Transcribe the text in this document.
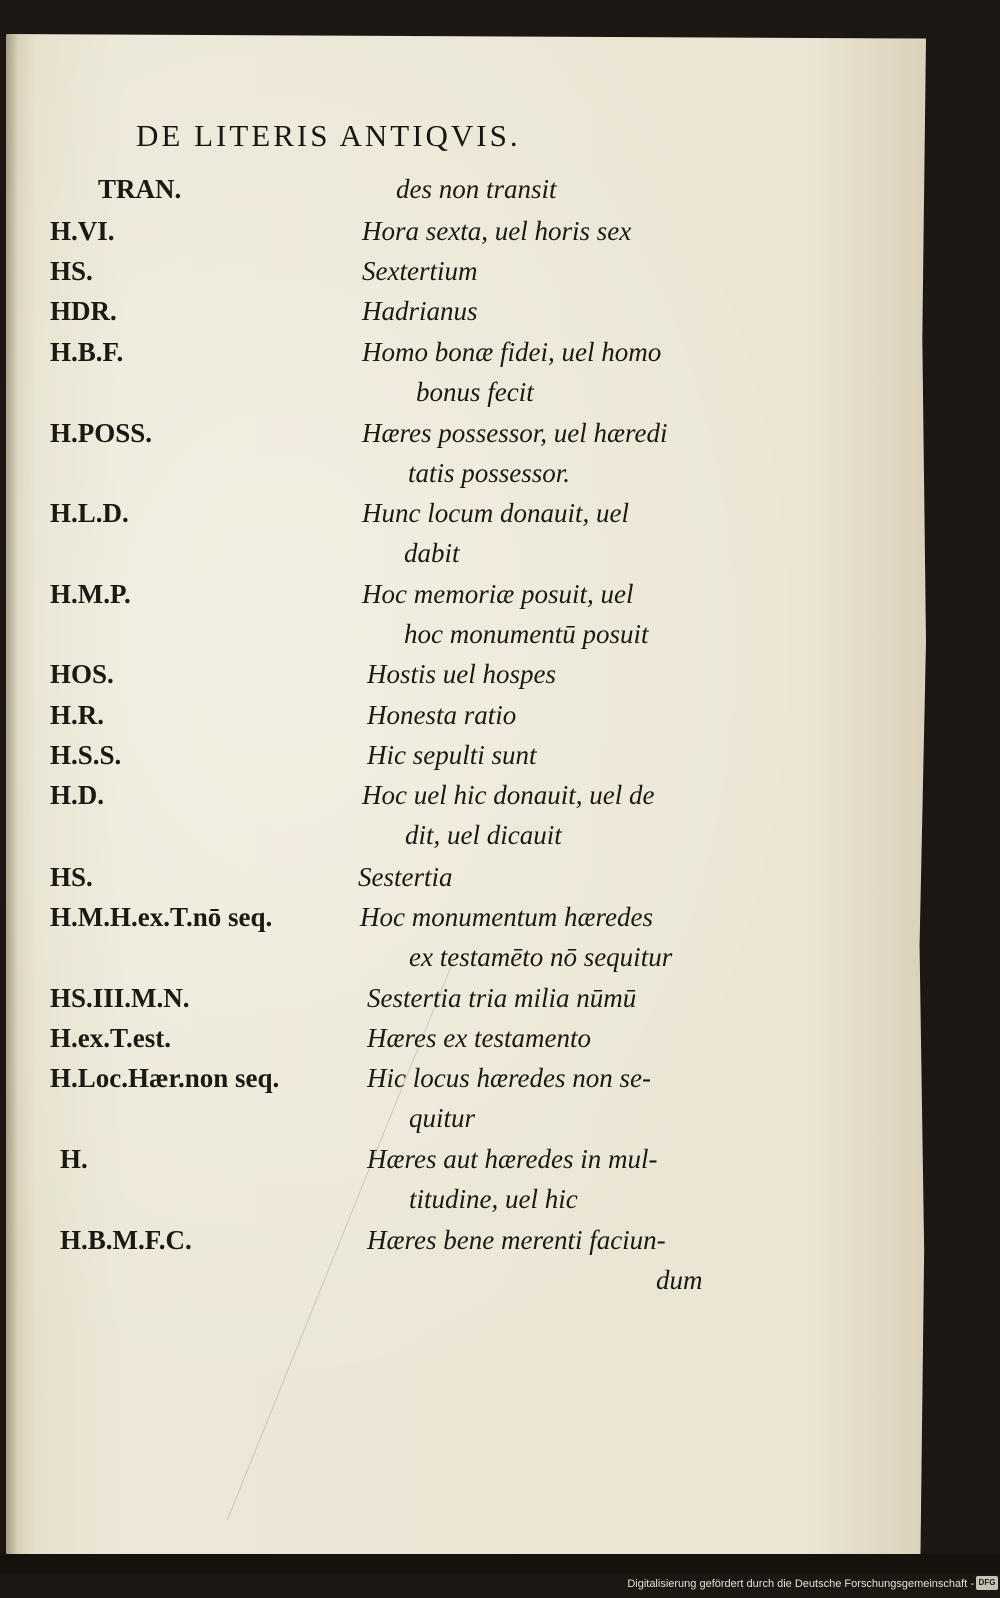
DE LITERIS ANTIQVIS.
TRAN.	des non transit
H.VI.	Hora sexta, uel horis sex
HS.	Sextertium
HDR.	Hadrianus
H.B.F.	Homo bonæ fidei, uel homo
bonus fecit
H.POSS.	Hæres possessor, uel hæredi
tatis possessor.
H.L.D.	Hunc locum donauit, uel
dabit
H.M.P.	Hoc memoriæ posuit, uel
hoc monumentū posuit
HOS.	Hostis uel hospes
H.R.	Honesta ratio
H.S.S.	Hic sepulti sunt
H.D.	Hoc uel hic donauit, uel de
dit, uel dicauit
HS.	Sestertia
H.M.H.ex.T.nō seq.	Hoc monumentum hæredes
ex testamēto nō sequitur
HS.III.M.N.	Sestertia tria milia nūmū
H.ex.T.est.	Hæres ex testamento
H.Loc.Hær.non seq.	Hic locus hæredes non se-
quitur
H.	Hæres aut hæredes in mul-
titudine, uel hic
H.B.M.F.C.	Hæres bene merenti faciun-
dum
Digitalisierung gefördert durch die Deutsche Forschungsgemeinschaft - DFG
